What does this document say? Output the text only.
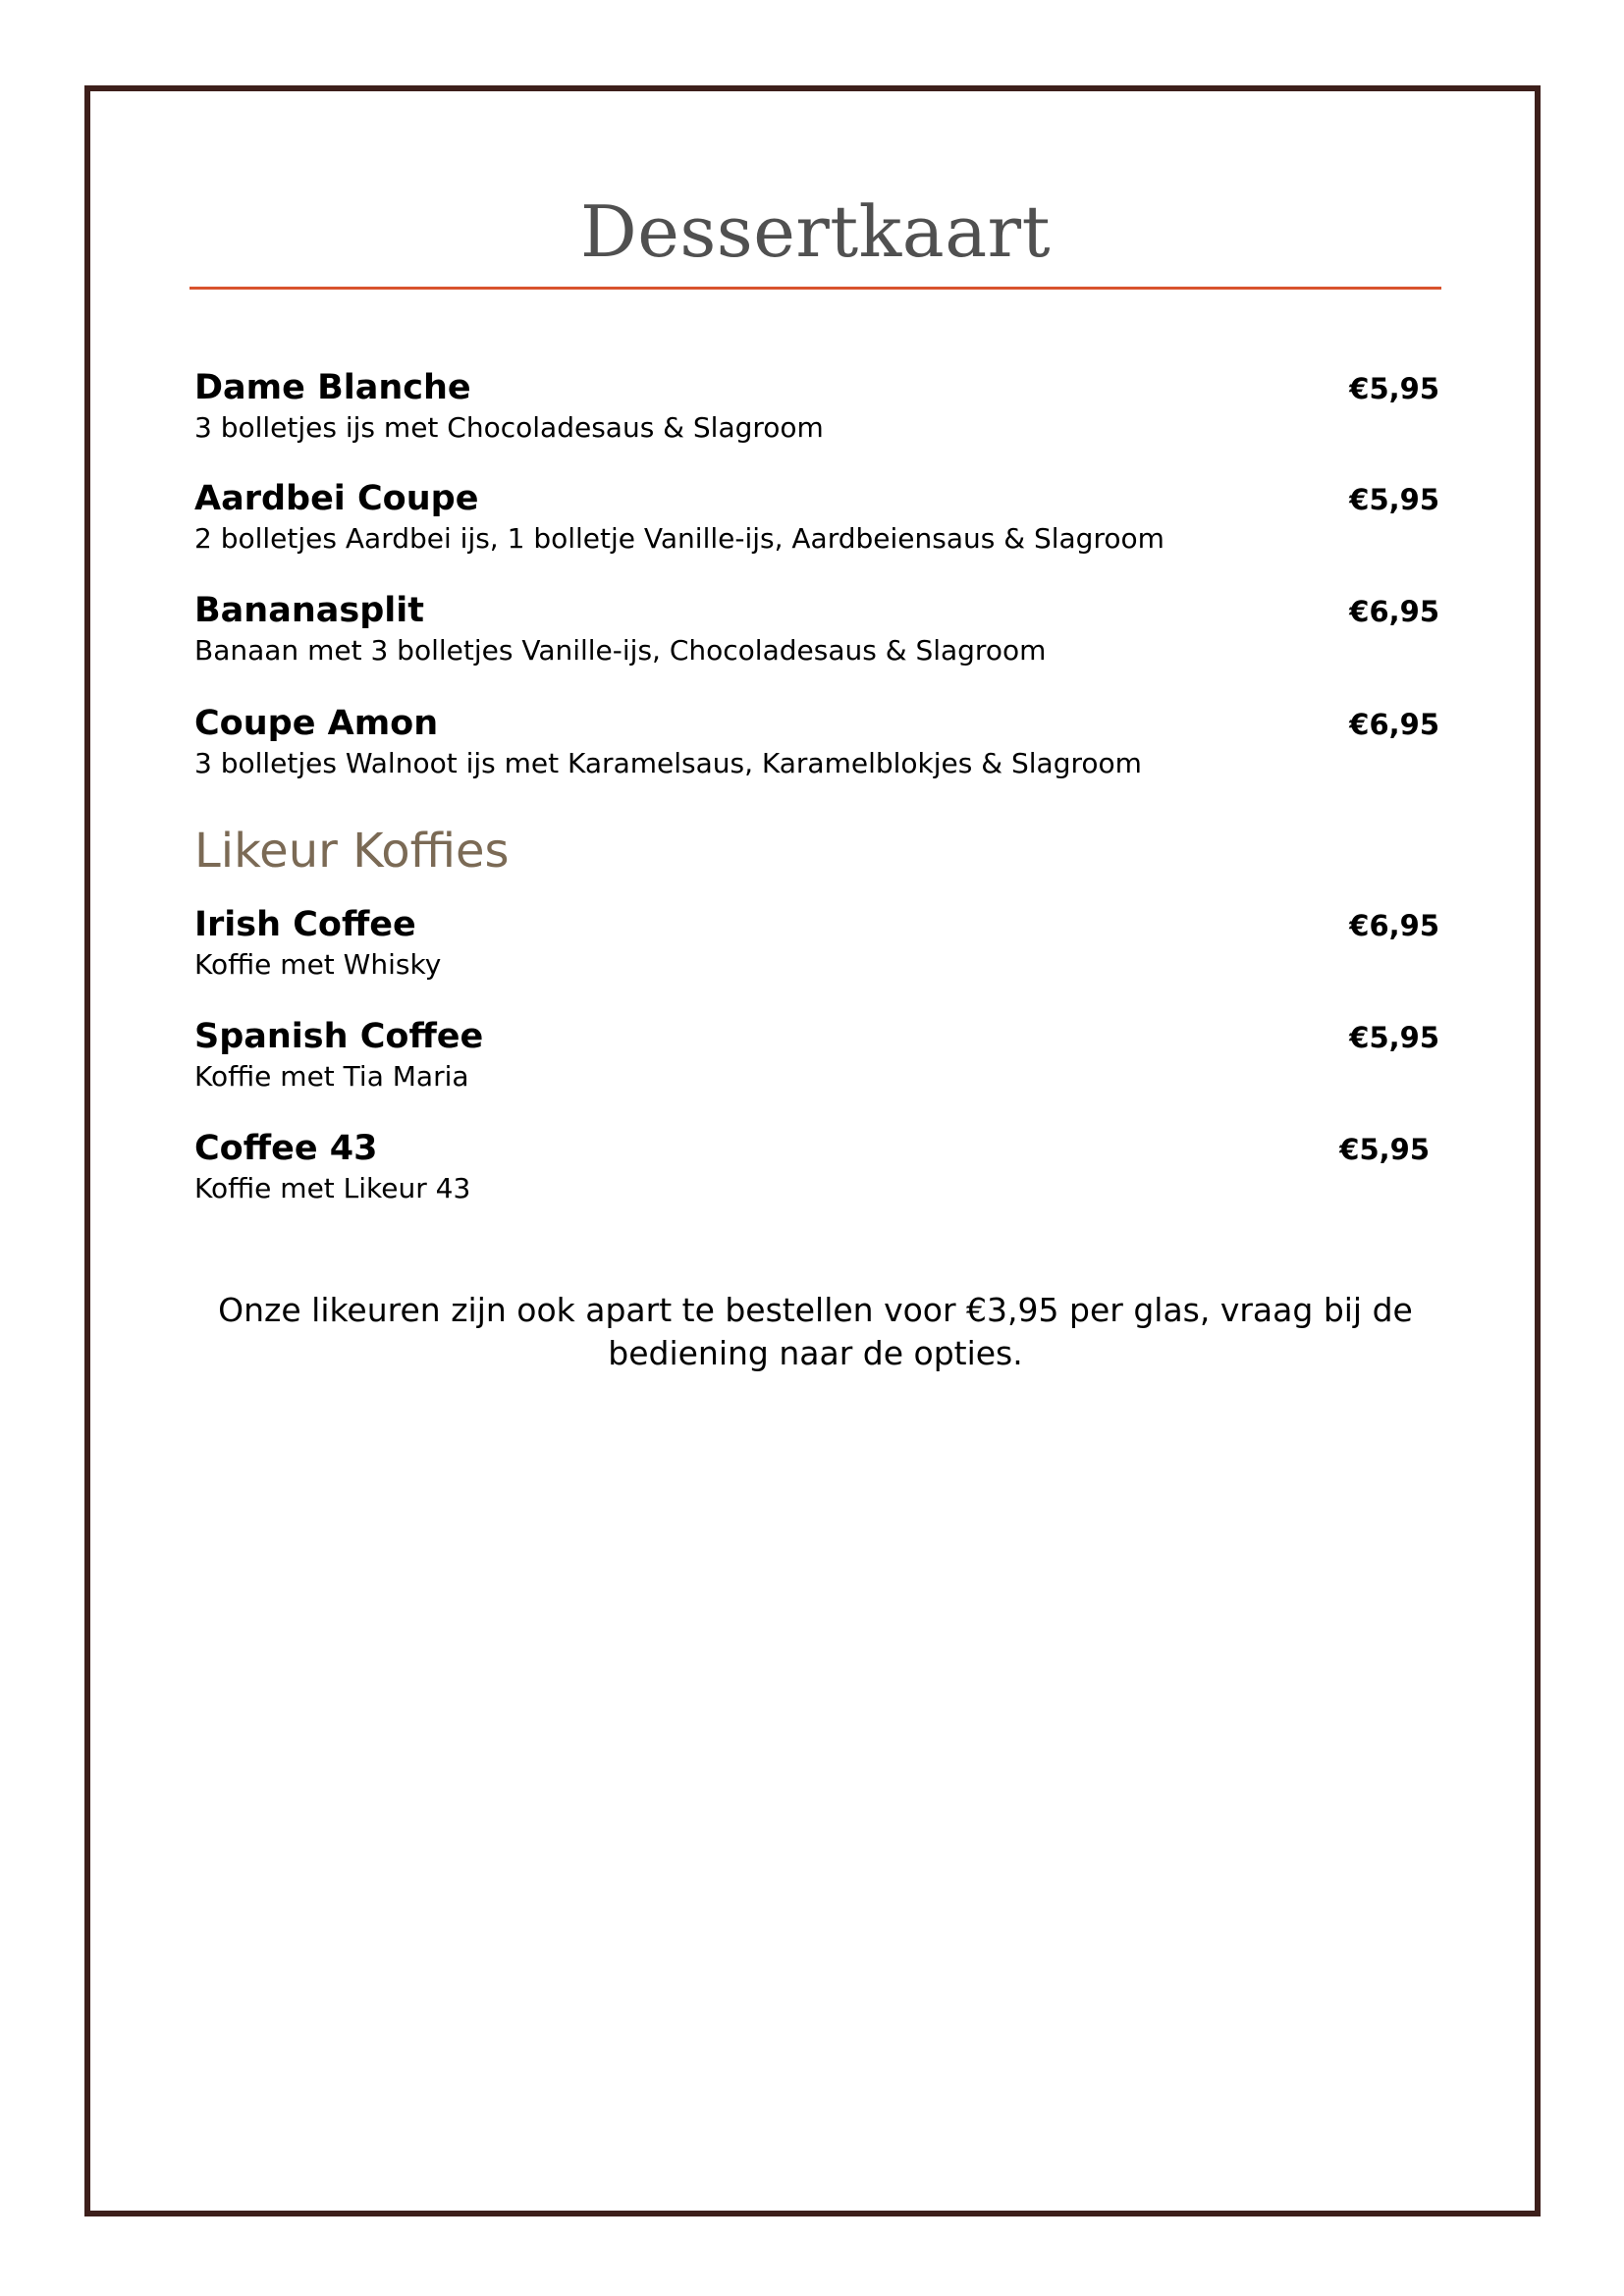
Dessertkaart
Dame Blanche	€5,95
3 bolletjes ijs met Chocoladesaus & Slagroom
Aardbei Coupe	€5,95
2 bolletjes Aardbei ijs, 1 bolletje Vanille-ijs, Aardbeiensaus & Slagroom
Bananasplit	€6,95
Banaan met 3 bolletjes Vanille-ijs, Chocoladesaus & Slagroom
Coupe Amon	€6,95
3 bolletjes Walnoot ijs met Karamelsaus, Karamelblokjes & Slagroom
Likeur Koffies
Irish Coffee	€6,95
Koffie met Whisky
Spanish Coffee	€5,95
Koffie met Tia Maria
Coffee 43	€5,95
Koffie met Likeur 43

Onze likeuren zijn ook apart te bestellen voor €3,95 per glas, vraag bij de bediening naar de opties.
